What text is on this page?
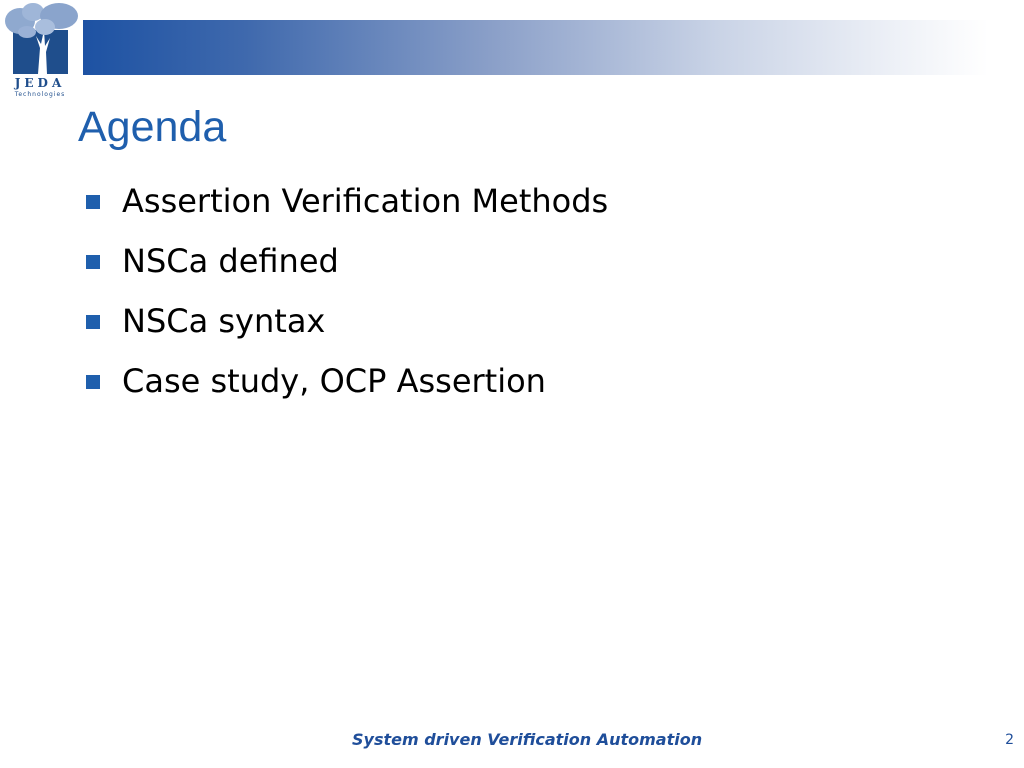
JEDA
Technologies
Agenda
Assertion Verification Methods
NSCa defined
NSCa syntax
Case study, OCP Assertion
System driven Verification Automation	2
